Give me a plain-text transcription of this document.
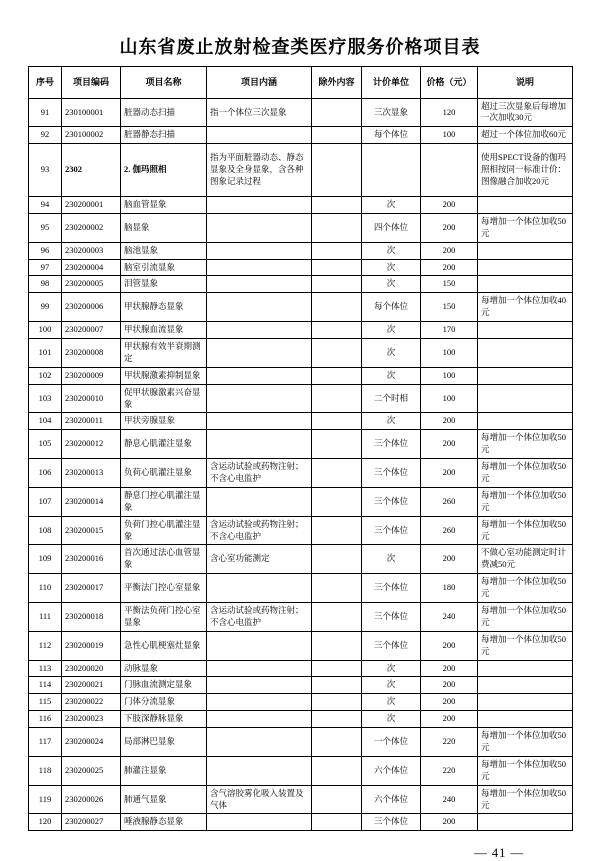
山东省废止放射检查类医疗服务价格项目表
序号	项目编码	项目名称	项目内涵	除外内容	计价单位	价格（元）	说明
91	230100001	脏器动态扫描	指一个体位三次显象		三次显象	120	超过三次显象后每增加一次加收30元
92	230100002	脏器静态扫描			每个体位	100	超过一个体位加收60元
93	2302	2. 伽玛照相	指为平面脏器动态、静态显象及全身显象，含各种图象记录过程				使用SPECT设备的伽玛照相按同一标准计价：图像融合加收20元
94	230200001	脑血管显象			次	200	
95	230200002	脑显象			四个体位	200	每增加一个体位加收50元
96	230200003	脑池显象			次	200	
97	230200004	脑室引流显象			次	200	
98	230200005	泪管显象			次	150	
99	230200006	甲状腺静态显象			每个体位	150	每增加一个体位加收40元
100	230200007	甲状腺血流显象			次	170	
101	230200008	甲状腺有效半衰期测定			次	100	
102	230200009	甲状腺激素抑制显象			次	100	
103	230200010	促甲状腺激素兴奋显象			二个时相	100	
104	230200011	甲状旁腺显象			次	200	
105	230200012	静息心肌灌注显象			三个体位	200	每增加一个体位加收50元
106	230200013	负荷心肌灌注显象	含运动试验或药物注射；不含心电监护		三个体位	200	每增加一个体位加收50元
107	230200014	静息门控心肌灌注显象			三个体位	260	每增加一个体位加收50元
108	230200015	负荷门控心肌灌注显象	含运动试验或药物注射；不含心电监护		三个体位	260	每增加一个体位加收50元
109	230200016	首次通过法心血管显象	含心室功能测定		次	200	不做心室功能测定时计费减50元
110	230200017	平衡法门控心室显象			三个体位	180	每增加一个体位加收50元
111	230200018	平衡法负荷门控心室显象	含运动试验或药物注射；不含心电监护		三个体位	240	每增加一个体位加收50元
112	230200019	急性心肌梗塞灶显象			三个体位	200	每增加一个体位加收50元
113	230200020	动脉显象			次	200	
114	230200021	门脉血流测定显象			次	200	
115	230200022	门体分流显象			次	200	
116	230200023	下肢深静脉显象			次	200	
117	230200024	局部淋巴显象			一个体位	220	每增加一个体位加收50元
118	230200025	肺灌注显象			六个体位	220	每增加一个体位加收50元
119	230200026	肺通气显象	含气溶胶雾化吸入装置及气体		六个体位	240	每增加一个体位加收50元
120	230200027	唾液腺静态显象			三个体位	200	
— 41 —
